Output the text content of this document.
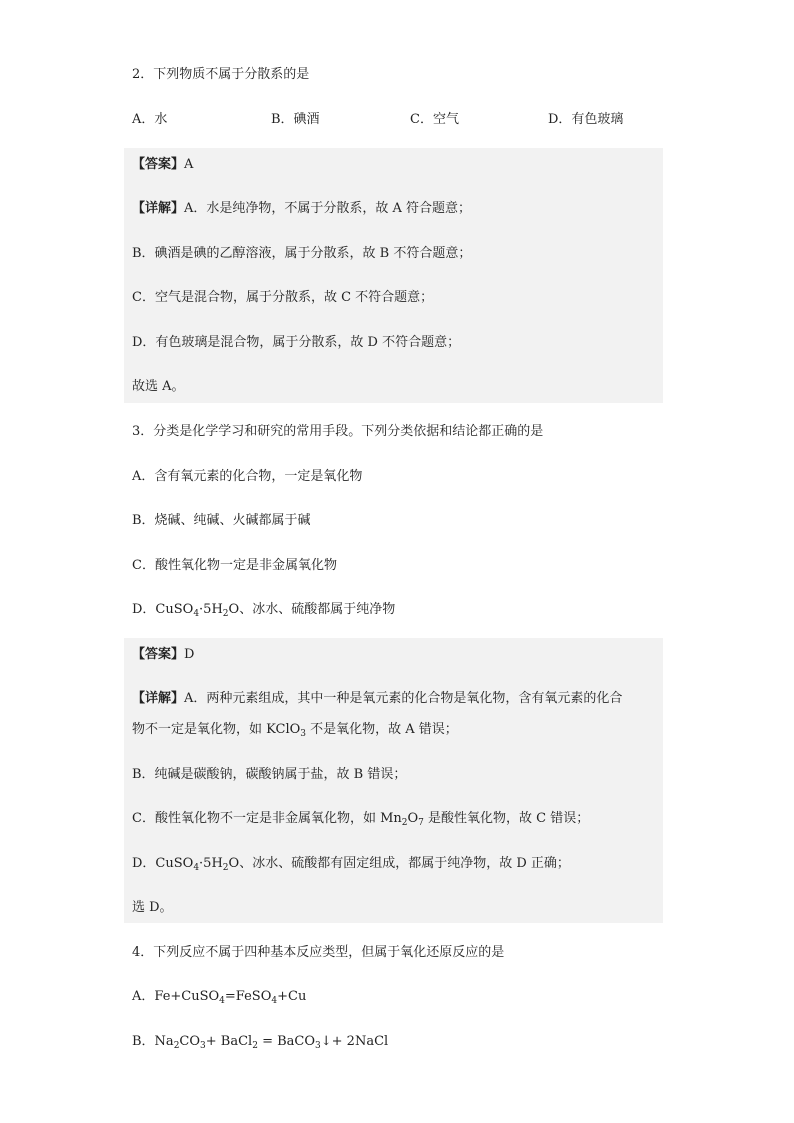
2．下列物质不属于分散系的是
A．水	B．碘酒	C．空气	D．有色玻璃
【答案】A
【详解】A．水是纯净物，不属于分散系，故 A 符合题意；
B．碘酒是碘的乙醇溶液，属于分散系，故 B 不符合题意；
C．空气是混合物，属于分散系，故 C 不符合题意；
D．有色玻璃是混合物，属于分散系，故 D 不符合题意；
故选 A。
3．分类是化学学习和研究的常用手段。下列分类依据和结论都正确的是
A．含有氧元素的化合物，一定是氧化物
B．烧碱、纯碱、火碱都属于碱
C．酸性氧化物一定是非金属氧化物
D．$CuSO_4\cdot 5H_2O$、冰水、硫酸都属于纯净物
【答案】D
【详解】A．两种元素组成，其中一种是氧元素的化合物是氧化物，含有氧元素的化合
物不一定是氧化物，如 KClO$_3$ 不是氧化物，故 A 错误；
B．纯碱是碳酸钠，碳酸钠属于盐，故 B 错误；
C．酸性氧化物不一定是非金属氧化物，如 $Mn_2O_7$ 是酸性氧化物，故 C 错误；
D．$CuSO_4\cdot 5H_2O$、冰水、硫酸都有固定组成，都属于纯净物，故 D 正确；
选 D。
4．下列反应不属于四种基本反应类型，但属于氧化还原反应的是
A．Fe+CuSO$_4$=FeSO$_4$+Cu
B．$Na_2CO_3+$ BaCl$_2$ = BaCO$_3$↓+ 2NaCl
